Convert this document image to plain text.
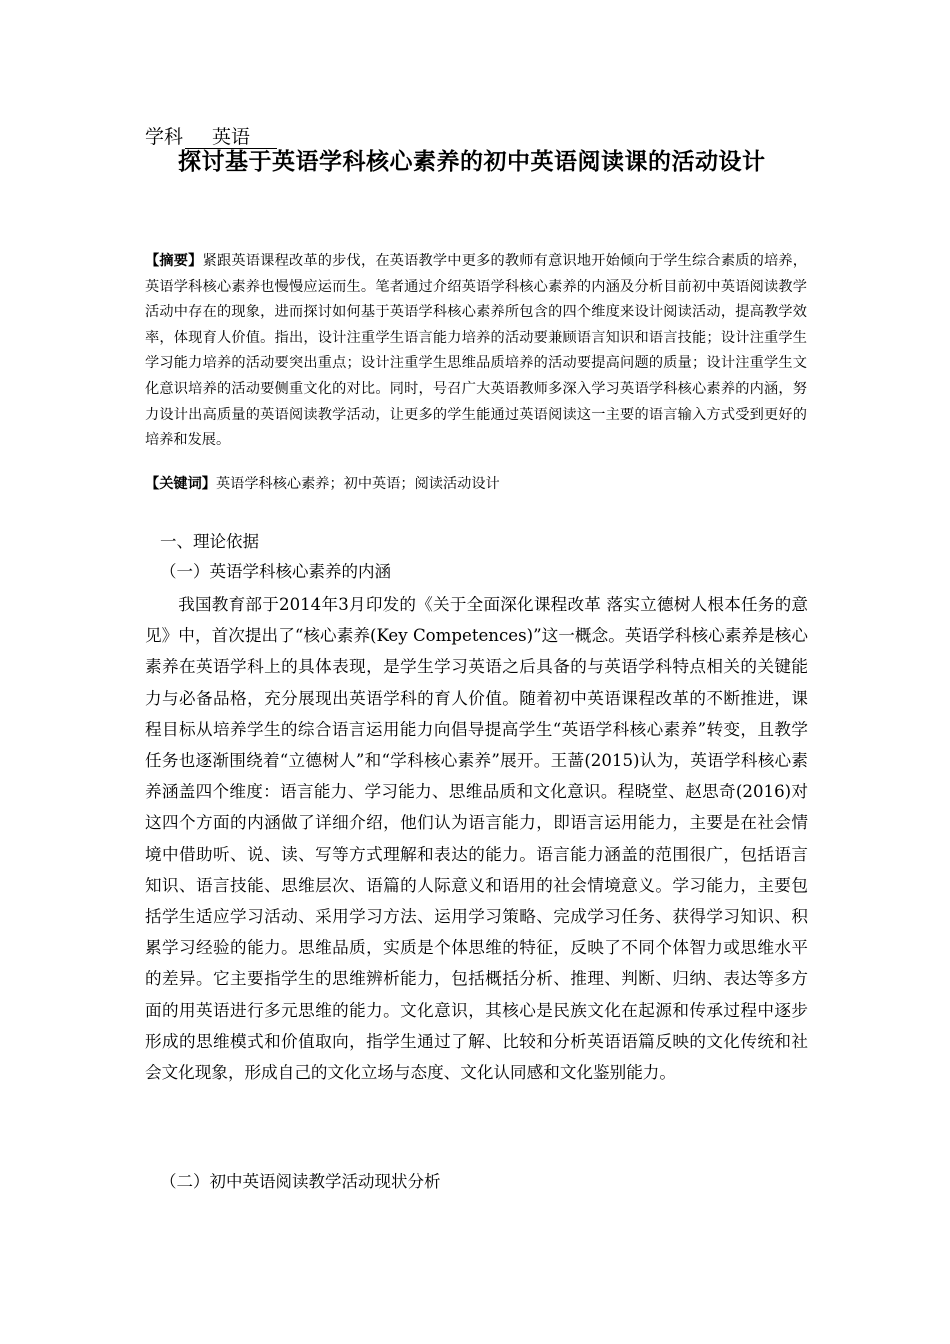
学科 英语
探讨基于英语学科核心素养的初中英语阅读课的活动设计
【摘要】紧跟英语课程改革的步伐，在英语教学中更多的教师有意识地开始倾向于学生综合素质的培养，英语学科核心素养也慢慢应运而生。笔者通过介绍英语学科核心素养的内涵及分析目前初中英语阅读教学活动中存在的现象，进而探讨如何基于英语学科核心素养所包含的四个维度来设计阅读活动，提高教学效率，体现育人价值。指出，设计注重学生语言能力培养的活动要兼顾语言知识和语言技能；设计注重学生学习能力培养的活动要突出重点；设计注重学生思维品质培养的活动要提高问题的质量；设计注重学生文化意识培养的活动要侧重文化的对比。同时，号召广大英语教师多深入学习英语学科核心素养的内涵，努力设计出高质量的英语阅读教学活动，让更多的学生能通过英语阅读这一主要的语言输入方式受到更好的培养和发展。
【关键词】英语学科核心素养；初中英语；阅读活动设计
一、理论依据
（一）英语学科核心素养的内涵
我国教育部于2014年3月印发的《关于全面深化课程改革 落实立德树人根本任务的意见》中，首次提出了“核心素养(Key Competences)”这一概念。英语学科核心素养是核心素养在英语学科上的具体表现，是学生学习英语之后具备的与英语学科特点相关的关键能力与必备品格，充分展现出英语学科的育人价值。随着初中英语课程改革的不断推进，课程目标从培养学生的综合语言运用能力向倡导提高学生“英语学科核心素养”转变，且教学任务也逐渐围绕着“立德树人”和“学科核心素养”展开。王蔷(2015)认为，英语学科核心素养涵盖四个维度：语言能力、学习能力、思维品质和文化意识。程晓堂、赵思奇(2016)对这四个方面的内涵做了详细介绍，他们认为语言能力，即语言运用能力，主要是在社会情境中借助听、说、读、写等方式理解和表达的能力。语言能力涵盖的范围很广，包括语言知识、语言技能、思维层次、语篇的人际意义和语用的社会情境意义。学习能力，主要包括学生适应学习活动、采用学习方法、运用学习策略、完成学习任务、获得学习知识、积累学习经验的能力。思维品质，实质是个体思维的特征，反映了不同个体智力或思维水平的差异。它主要指学生的思维辨析能力，包括概括分析、推理、判断、归纳、表达等多方面的用英语进行多元思维的能力。文化意识，其核心是民族文化在起源和传承过程中逐步形成的思维模式和价值取向，指学生通过了解、比较和分析英语语篇反映的文化传统和社会文化现象，形成自己的文化立场与态度、文化认同感和文化鉴别能力。
（二）初中英语阅读教学活动现状分析
